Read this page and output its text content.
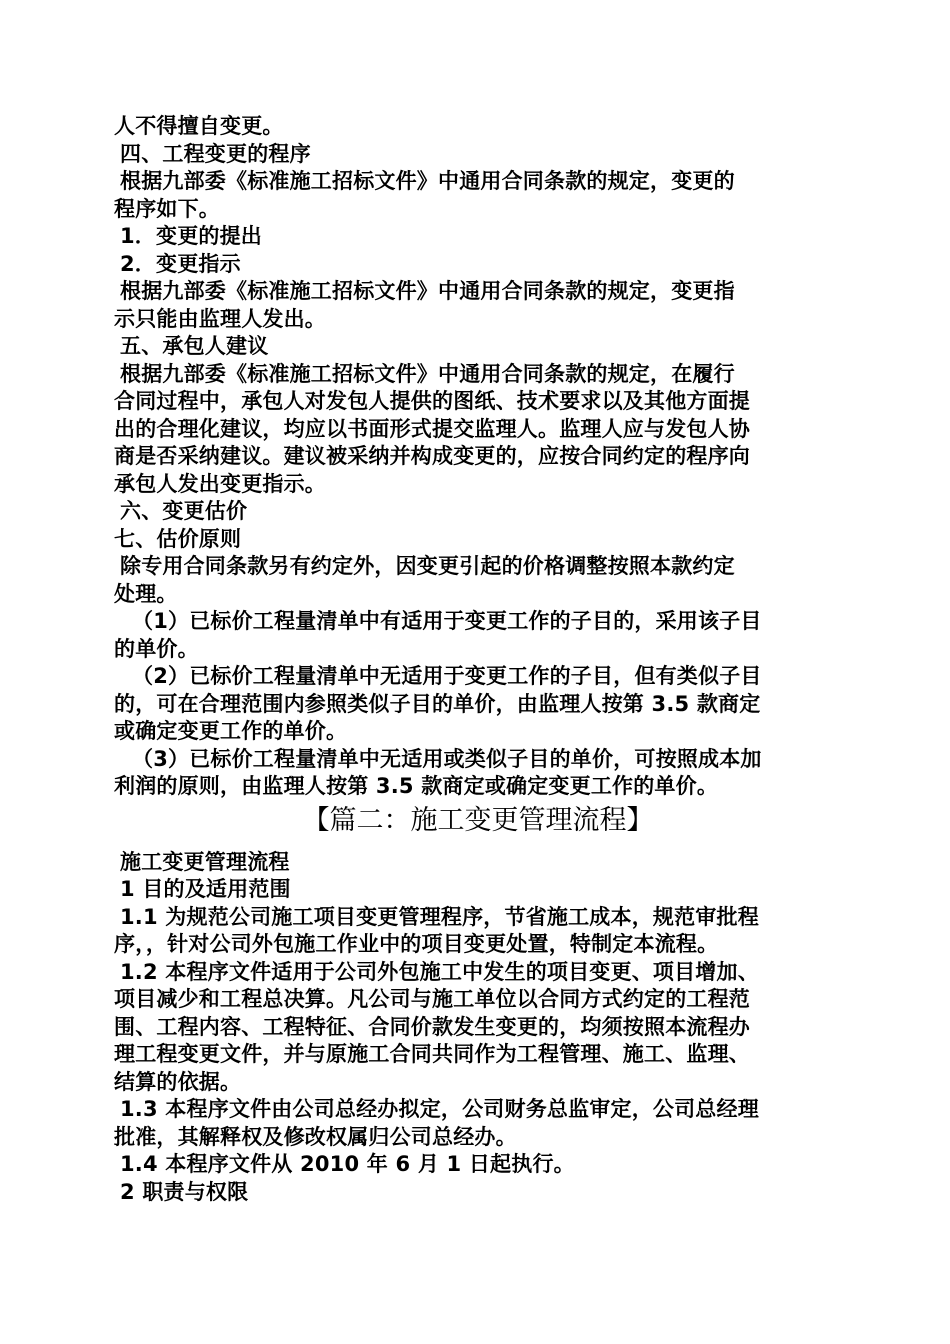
人不得擅自变更。
四、工程变更的程序
根据九部委《标准施工招标文件》中通用合同条款的规定，变更的
程序如下。
1．变更的提出
2．变更指示
根据九部委《标准施工招标文件》中通用合同条款的规定，变更指
示只能由监理人发出。
五、承包人建议
根据九部委《标准施工招标文件》中通用合同条款的规定，在履行
合同过程中，承包人对发包人提供的图纸、技术要求以及其他方面提
出的合理化建议，均应以书面形式提交监理人。监理人应与发包人协
商是否采纳建议。建议被采纳并构成变更的，应按合同约定的程序向
承包人发出变更指示。
六、变更估价
七、估价原则
除专用合同条款另有约定外，因变更引起的价格调整按照本款约定
处理。
（1）已标价工程量清单中有适用于变更工作的子目的，采用该子目
的单价。
（2）已标价工程量清单中无适用于变更工作的子目，但有类似子目
的，可在合理范围内参照类似子目的单价，由监理人按第 3.5 款商定
或确定变更工作的单价。
（3）已标价工程量清单中无适用或类似子目的单价，可按照成本加
利润的原则，由监理人按第 3.5 款商定或确定变更工作的单价。
【篇二：施工变更管理流程】
施工变更管理流程
1 目的及适用范围
1.1 为规范公司施工项目变更管理程序，节省施工成本，规范审批程
序，，针对公司外包施工作业中的项目变更处置，特制定本流程。
1.2 本程序文件适用于公司外包施工中发生的项目变更、项目增加、
项目减少和工程总决算。凡公司与施工单位以合同方式约定的工程范
围、工程内容、工程特征、合同价款发生变更的，均须按照本流程办
理工程变更文件，并与原施工合同共同作为工程管理、施工、监理、
结算的依据。
1.3 本程序文件由公司总经办拟定，公司财务总监审定，公司总经理
批准，其解释权及修改权属归公司总经办。
1.4 本程序文件从 2010 年 6 月 1 日起执行。
2 职责与权限
